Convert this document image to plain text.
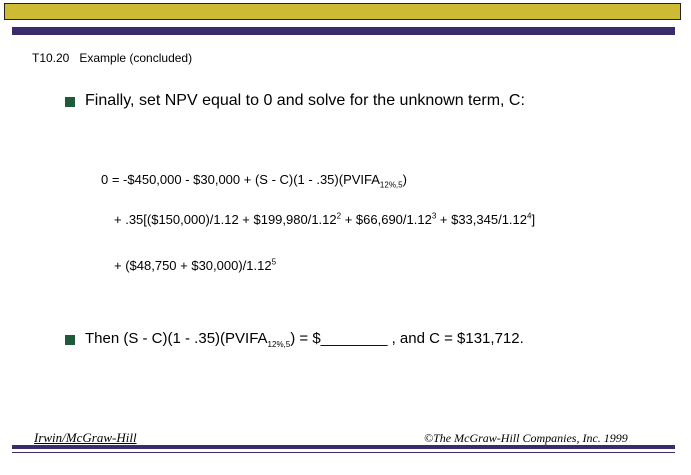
T10.20   Example (concluded)
Finally, set NPV equal to 0 and solve for the unknown term, C:
0 = -$450,000 - $30,000 + $(S - C)(1 - .35)(PVIFA_{12\%,5})$
+ .35[($150,000)/1.12 + $\$199,980/1.12^2$ + $\$66,690/1.12^3$ + $\$33,345/1.12^4$]
+ ($48,750 + $\$30,000)/1.12^5$
Then $(S - C)(1 - .35)(PVIFA_{12\%,5})$ = $________ , and C = $131,712.
Irwin/McGraw-Hill	©The McGraw-Hill Companies, Inc. 1999
